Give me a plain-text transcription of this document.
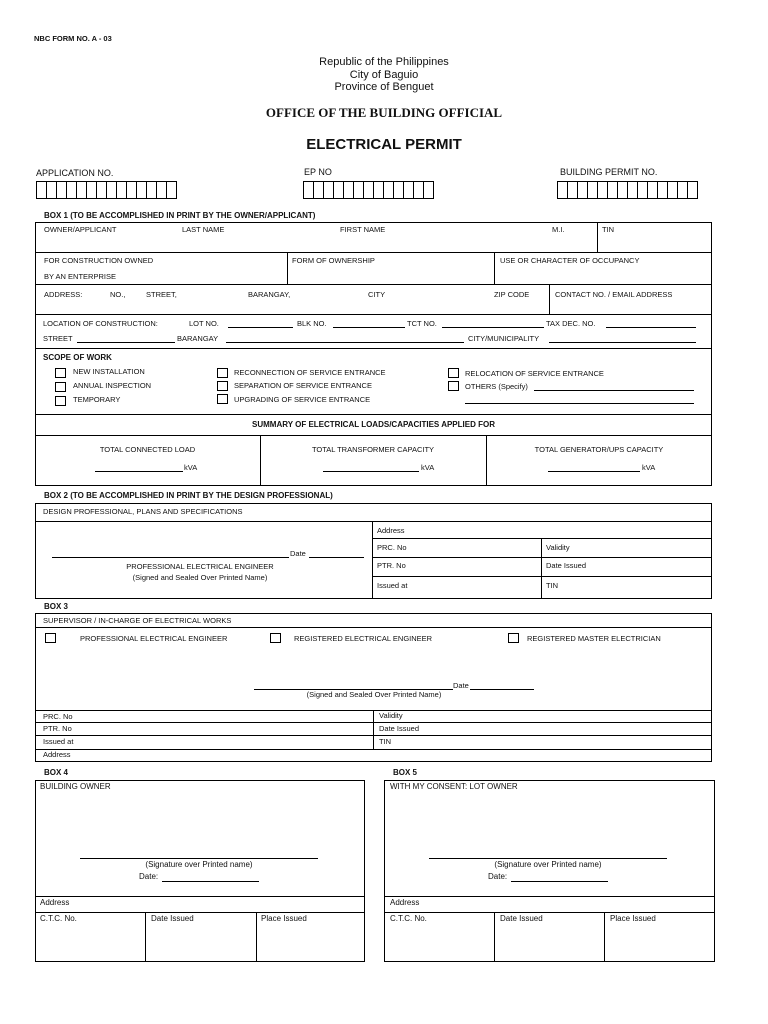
NBC FORM NO. A - 03
Republic of the Philippines
City of Baguio
Province of Benguet
OFFICE OF THE BUILDING OFFICIAL
ELECTRICAL PERMIT
APPLICATION NO.	EP NO	BUILDING PERMIT NO.
BOX 1 (TO BE ACCOMPLISHED IN PRINT BY THE OWNER/APPLICANT)
OWNER/APPLICANT	LAST NAME	FIRST NAME	M.I.	TIN
FOR CONSTRUCTION OWNED
BY AN ENTERPRISE
FORM OF OWNERSHIP	USE OR CHARACTER OF OCCUPANCY
ADDRESS:	NO.,	STREET,	BARANGAY,	CITY	ZIP CODE	CONTACT NO. / EMAIL ADDRESS
LOCATION OF CONSTRUCTION:	LOT NO.	BLK NO.	TCT NO.	TAX DEC. NO.
STREET	BARANGAY	CITY/MUNICIPALITY
SCOPE OF WORK
NEW INSTALLATION
ANNUAL INSPECTION
TEMPORARY
RECONNECTION OF SERVICE ENTRANCE
SEPARATION OF SERVICE ENTRANCE
UPGRADING OF SERVICE ENTRANCE
RELOCATION OF SERVICE ENTRANCE
OTHERS (Specify)
SUMMARY OF ELECTRICAL LOADS/CAPACITIES APPLIED FOR
TOTAL CONNECTED LOAD
kVA
TOTAL TRANSFORMER CAPACITY
kVA
TOTAL GENERATOR/UPS CAPACITY
kVA
BOX 2 (TO BE ACCOMPLISHED IN PRINT BY THE DESIGN PROFESSIONAL)
DESIGN PROFESSIONAL, PLANS AND SPECIFICATIONS
Date
PROFESSIONAL ELECTRICAL ENGINEER
(Signed and Sealed Over Printed Name)
Address
PRC. No	Validity
PTR. No	Date Issued
Issued at	TIN
BOX 3
SUPERVISOR / IN-CHARGE OF ELECTRICAL WORKS
PROFESSIONAL ELECTRICAL ENGINEER	REGISTERED ELECTRICAL ENGINEER	REGISTERED MASTER ELECTRICIAN
Date
(Signed and Sealed Over Printed Name)
PRC. No	Validity
PTR. No	Date Issued
Issued at	TIN
Address
BOX 4
BUILDING OWNER
(Signature over Printed name)
Date:
Address
C.T.C. No.	Date Issued	Place Issued
BOX 5
WITH MY CONSENT: LOT OWNER
(Signature over Printed name)
Date:
Address
C.T.C. No.	Date Issued	Place Issued
